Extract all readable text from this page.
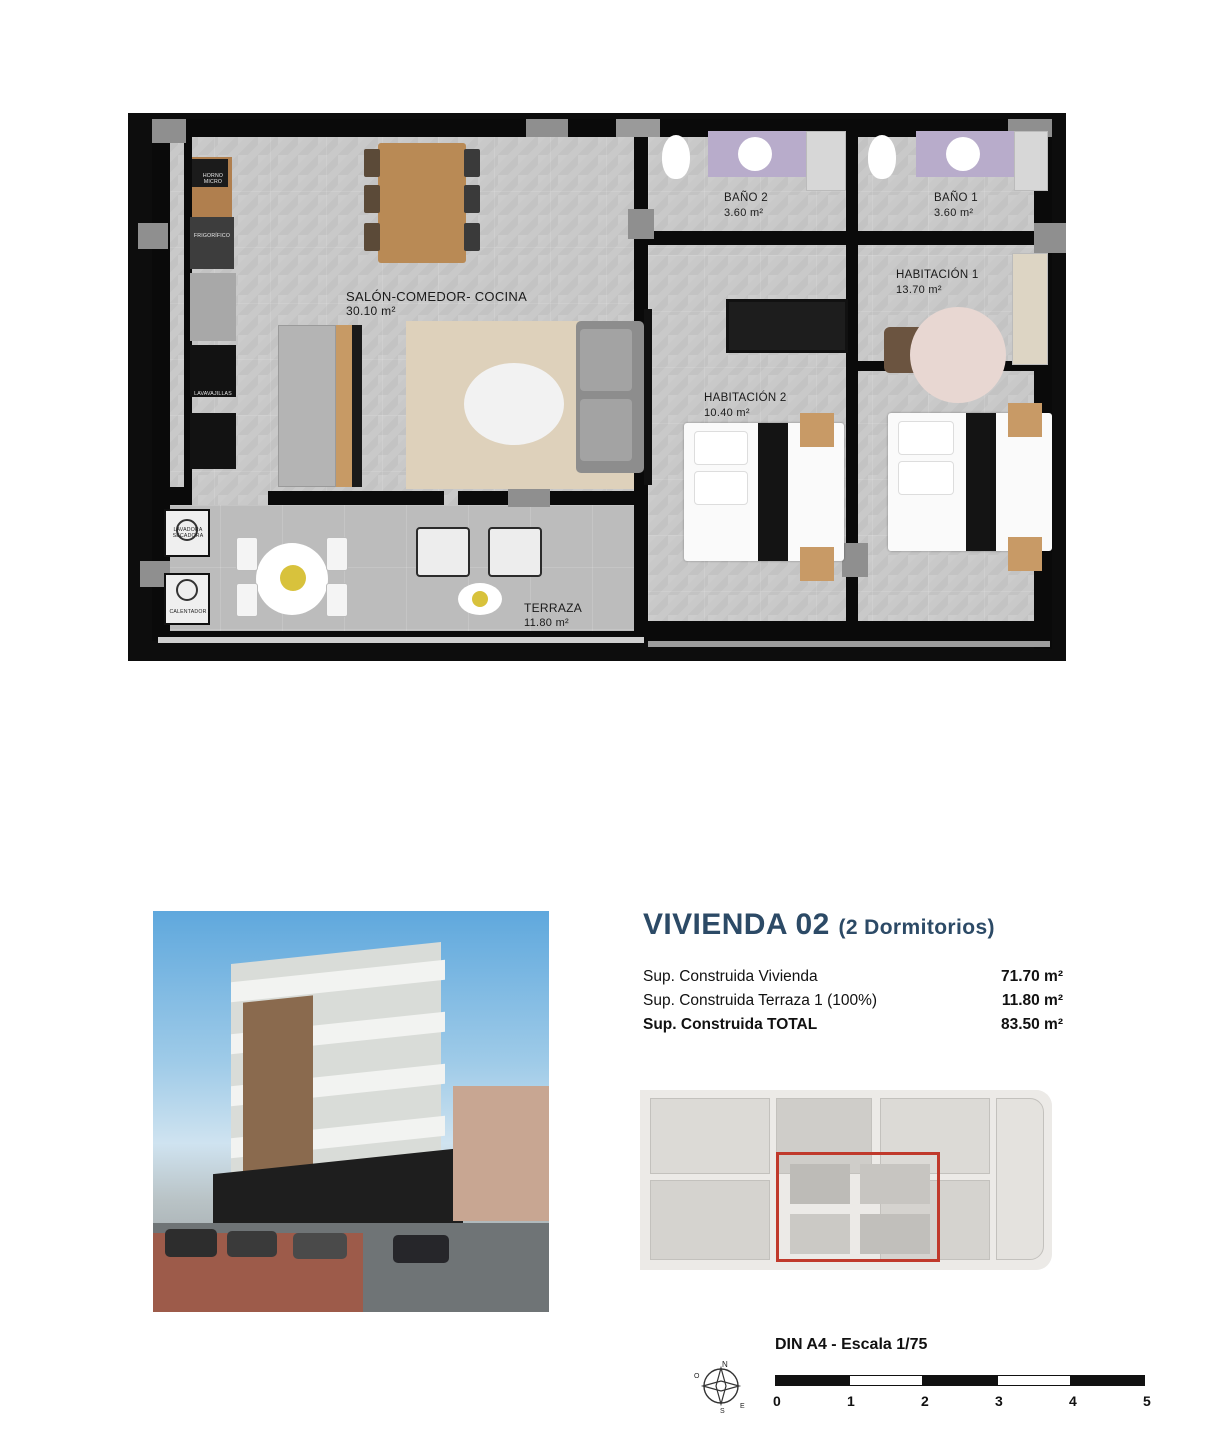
HORNO
MICRO
FRIGORÍFICO
LAVAVAJILLAS
LAVADORA
SECADORA
CALENTADOR
BAÑO 2
3.60 m²
BAÑO 1
3.60 m²
HABITACIÓN 1
13.70 m²
HABITACIÓN 2
10.40 m²
SALÓN-COMEDOR- COCINA
30.10 m²
TERRAZA
11.80 m²
VIVIENDA 02 (2 Dormitorios)
Sup. Construida Vivienda	71.70 m²
Sup. Construida Terraza 1 (100%)	11.80 m²
Sup. Construida TOTAL	83.50 m²
DIN A4 - Escala 1/75
N
S
E
O
0	1	2	3	4	5
